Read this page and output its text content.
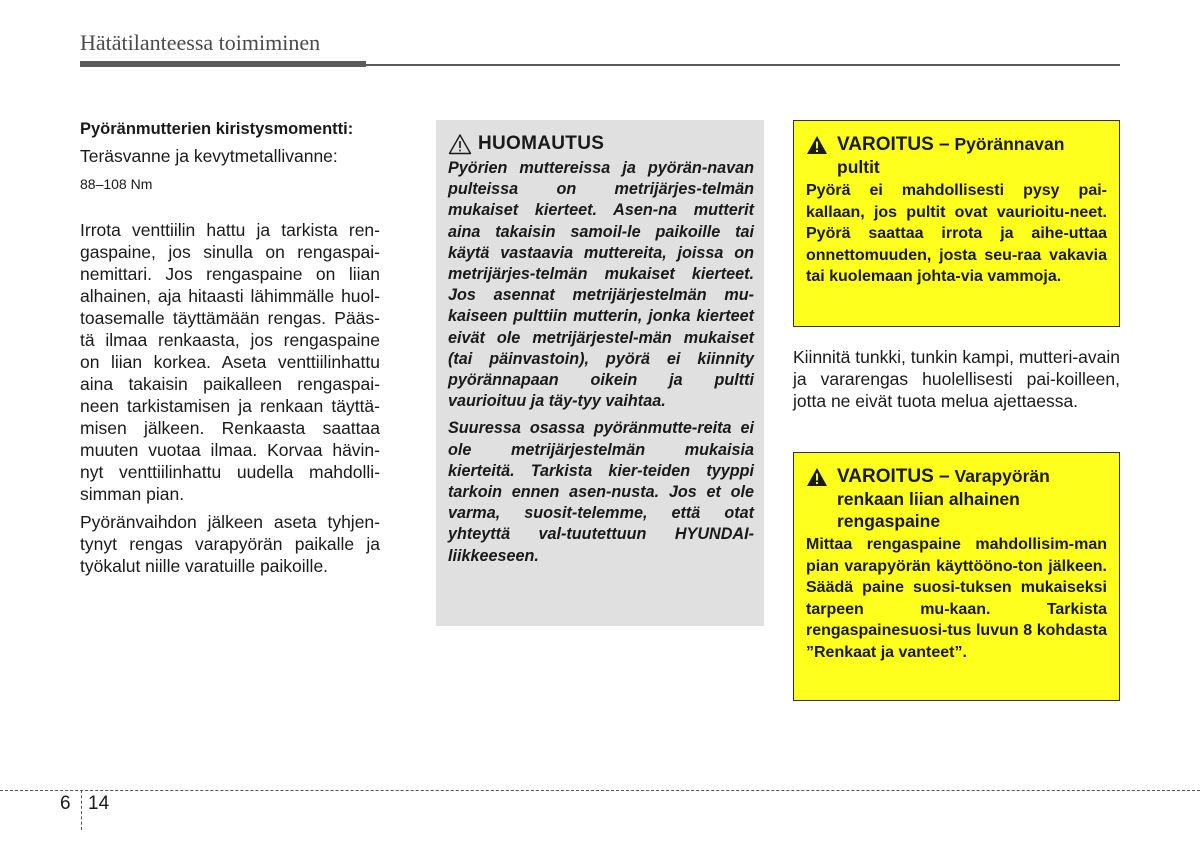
Hätätilanteessa toimiminen

Pyöränmutterien kiristysmomentti:

Teräsvanne ja kevytmetallivanne:

88–108 Nm

Irrota venttiilin hattu ja tarkista ren-gaspaine, jos sinulla on rengaspai-nemittari. Jos rengaspaine on liian alhainen, aja hitaasti lähimmälle huol-toasemalle täyttämään rengas. Pääs-tä ilmaa renkaasta, jos rengaspaine on liian korkea. Aseta venttiilinhattu aina takaisin paikalleen rengaspai-neen tarkistamisen ja renkaan täyttä-misen jälkeen. Renkaasta saattaa muuten vuotaa ilmaa. Korvaa hävin-nyt venttiilinhattu uudella mahdolli-simman pian.

Pyöränvaihdon jälkeen aseta tyhjen-tynyt rengas varapyörän paikalle ja työkalut niille varatuille paikoille.

HUOMAUTUS

Pyörien muttereissa ja pyörän-navan pulteissa on metrijärjes-telmän mukaiset kierteet. Asen-na mutterit aina takaisin samoil-le paikoille tai käytä vastaavia muttereita, joissa on metrijärjes-telmän mukaiset kierteet. Jos asennat metrijärjestelmän mu-kaiseen pulttiin mutterin, jonka kierteet eivät ole metrijärjestel-män mukaiset (tai päinvastoin), pyörä ei kiinnity pyörännapaan oikein ja pultti vaurioituu ja täy-tyy vaihtaa.

Suuressa osassa pyöränmutte-reita ei ole metrijärjestelmän mukaisia kierteitä. Tarkista kier-teiden tyyppi tarkoin ennen asen-nusta. Jos et ole varma, suosit-telemme, että otat yhteyttä val-tuutettuun HYUNDAI-liikkeeseen.

VAROITUS – Pyörännavan pultit

Pyörä ei mahdollisesti pysy pai-kallaan, jos pultit ovat vaurioitu-neet. Pyörä saattaa irrota ja aihe-uttaa onnettomuuden, josta seu-raa vakavia tai kuolemaan johta-via vammoja.

Kiinnitä tunkki, tunkin kampi, mutteri-avain ja vararengas huolellisesti pai-koilleen, jotta ne eivät tuota melua ajettaessa.

VAROITUS – Varapyörän renkaan liian alhainen rengaspaine

Mittaa rengaspaine mahdollisim-man pian varapyörän käyttöönо-ton jälkeen. Säädä paine suosi-tuksen mukaiseksi tarpeen mu-kaan. Tarkista rengaspainesuosi-tus luvun 8 kohdasta ”Renkaat ja vanteet”.

6 14
